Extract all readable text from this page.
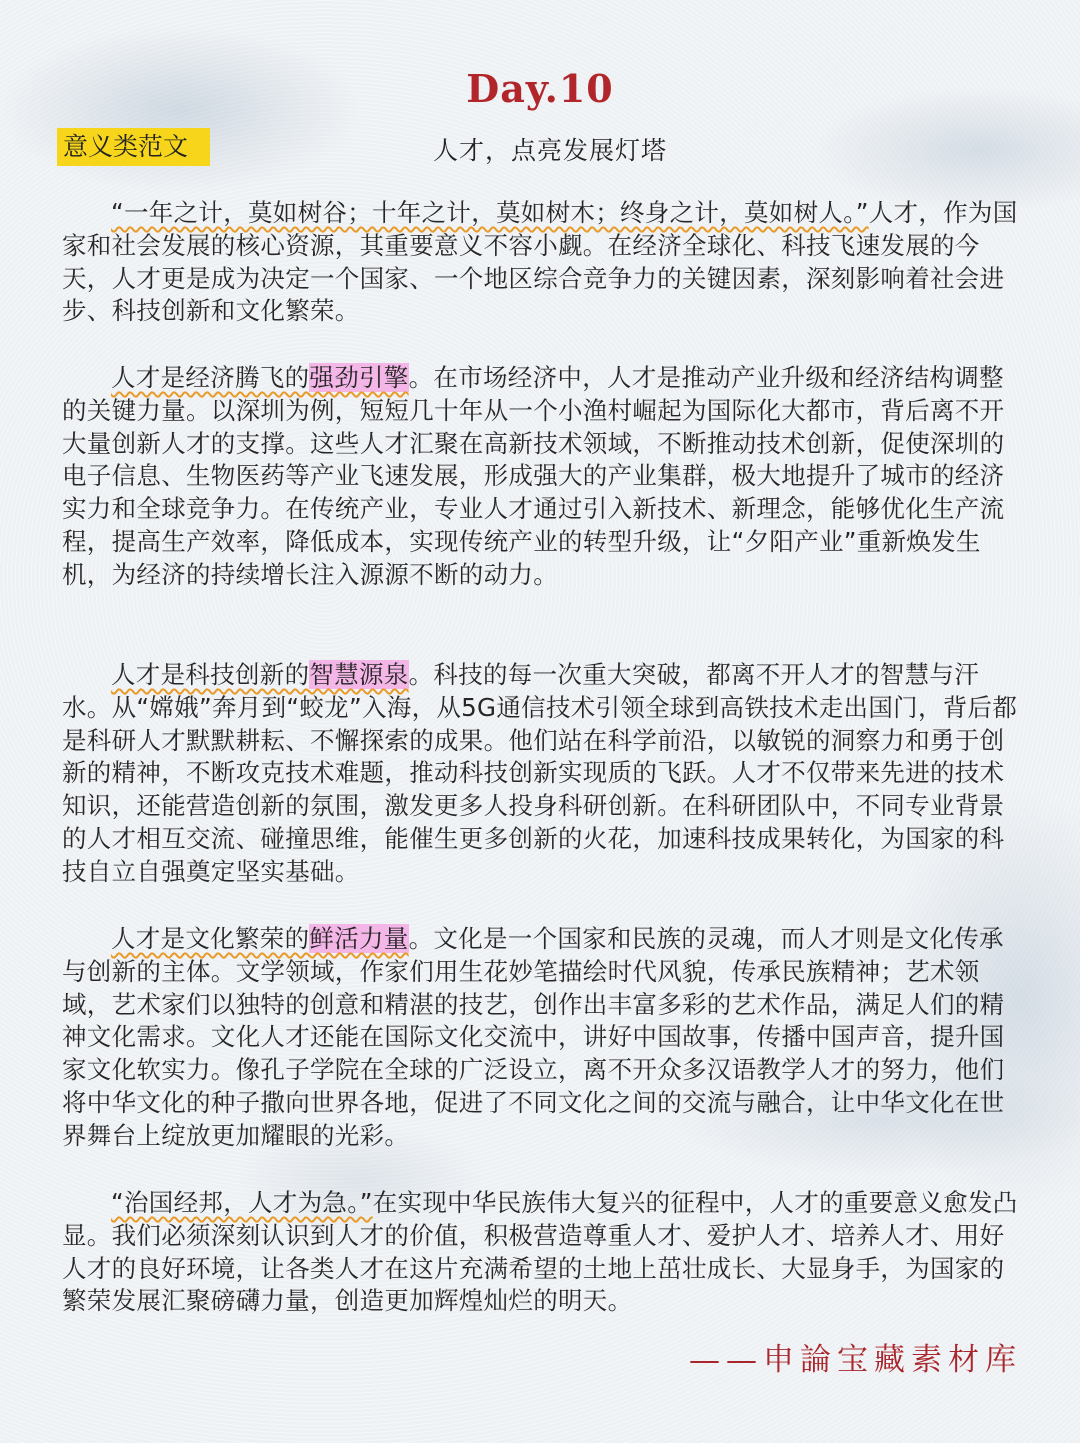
Day.10
意义类范文	人才，点亮发展灯塔

“一年之计，莫如树谷；十年之计，莫如树木；终身之计，莫如树人。”人才，作为国家和社会发展的核心资源，其重要意义不容小觑。在经济全球化、科技飞速发展的今天，人才更是成为决定一个国家、一个地区综合竞争力的关键因素，深刻影响着社会进步、科技创新和文化繁荣。

人才是经济腾飞的强劲引擎。在市场经济中，人才是推动产业升级和经济结构调整的关键力量。以深圳为例，短短几十年从一个小渔村崛起为国际化大都市，背后离不开大量创新人才的支撑。这些人才汇聚在高新技术领域，不断推动技术创新，促使深圳的电子信息、生物医药等产业飞速发展，形成强大的产业集群，极大地提升了城市的经济实力和全球竞争力。在传统产业，专业人才通过引入新技术、新理念，能够优化生产流程，提高生产效率，降低成本，实现传统产业的转型升级，让“夕阳产业”重新焕发生机，为经济的持续增长注入源源不断的动力。

人才是科技创新的智慧源泉。科技的每一次重大突破，都离不开人才的智慧与汗水。从“嫦娥”奔月到“蛟龙”入海，从5G通信技术引领全球到高铁技术走出国门，背后都是科研人才默默耕耘、不懈探索的成果。他们站在科学前沿，以敏锐的洞察力和勇于创新的精神，不断攻克技术难题，推动科技创新实现质的飞跃。人才不仅带来先进的技术知识，还能营造创新的氛围，激发更多人投身科研创新。在科研团队中，不同专业背景的人才相互交流、碰撞思维，能催生更多创新的火花，加速科技成果转化，为国家的科技自立自强奠定坚实基础。

人才是文化繁荣的鲜活力量。文化是一个国家和民族的灵魂，而人才则是文化传承与创新的主体。文学领域，作家们用生花妙笔描绘时代风貌，传承民族精神；艺术领域，艺术家们以独特的创意和精湛的技艺，创作出丰富多彩的艺术作品，满足人们的精神文化需求。文化人才还能在国际文化交流中，讲好中国故事，传播中国声音，提升国家文化软实力。像孔子学院在全球的广泛设立，离不开众多汉语教学人才的努力，他们将中华文化的种子撒向世界各地，促进了不同文化之间的交流与融合，让中华文化在世界舞台上绽放更加耀眼的光彩。

“治国经邦，人才为急。”在实现中华民族伟大复兴的征程中，人才的重要意义愈发凸显。我们必须深刻认识到人才的价值，积极营造尊重人才、爱护人才、培养人才、用好人才的良好环境，让各类人才在这片充满希望的土地上茁壮成长、大显身手，为国家的繁荣发展汇聚磅礴力量，创造更加辉煌灿烂的明天。

——申論宝藏素材库
